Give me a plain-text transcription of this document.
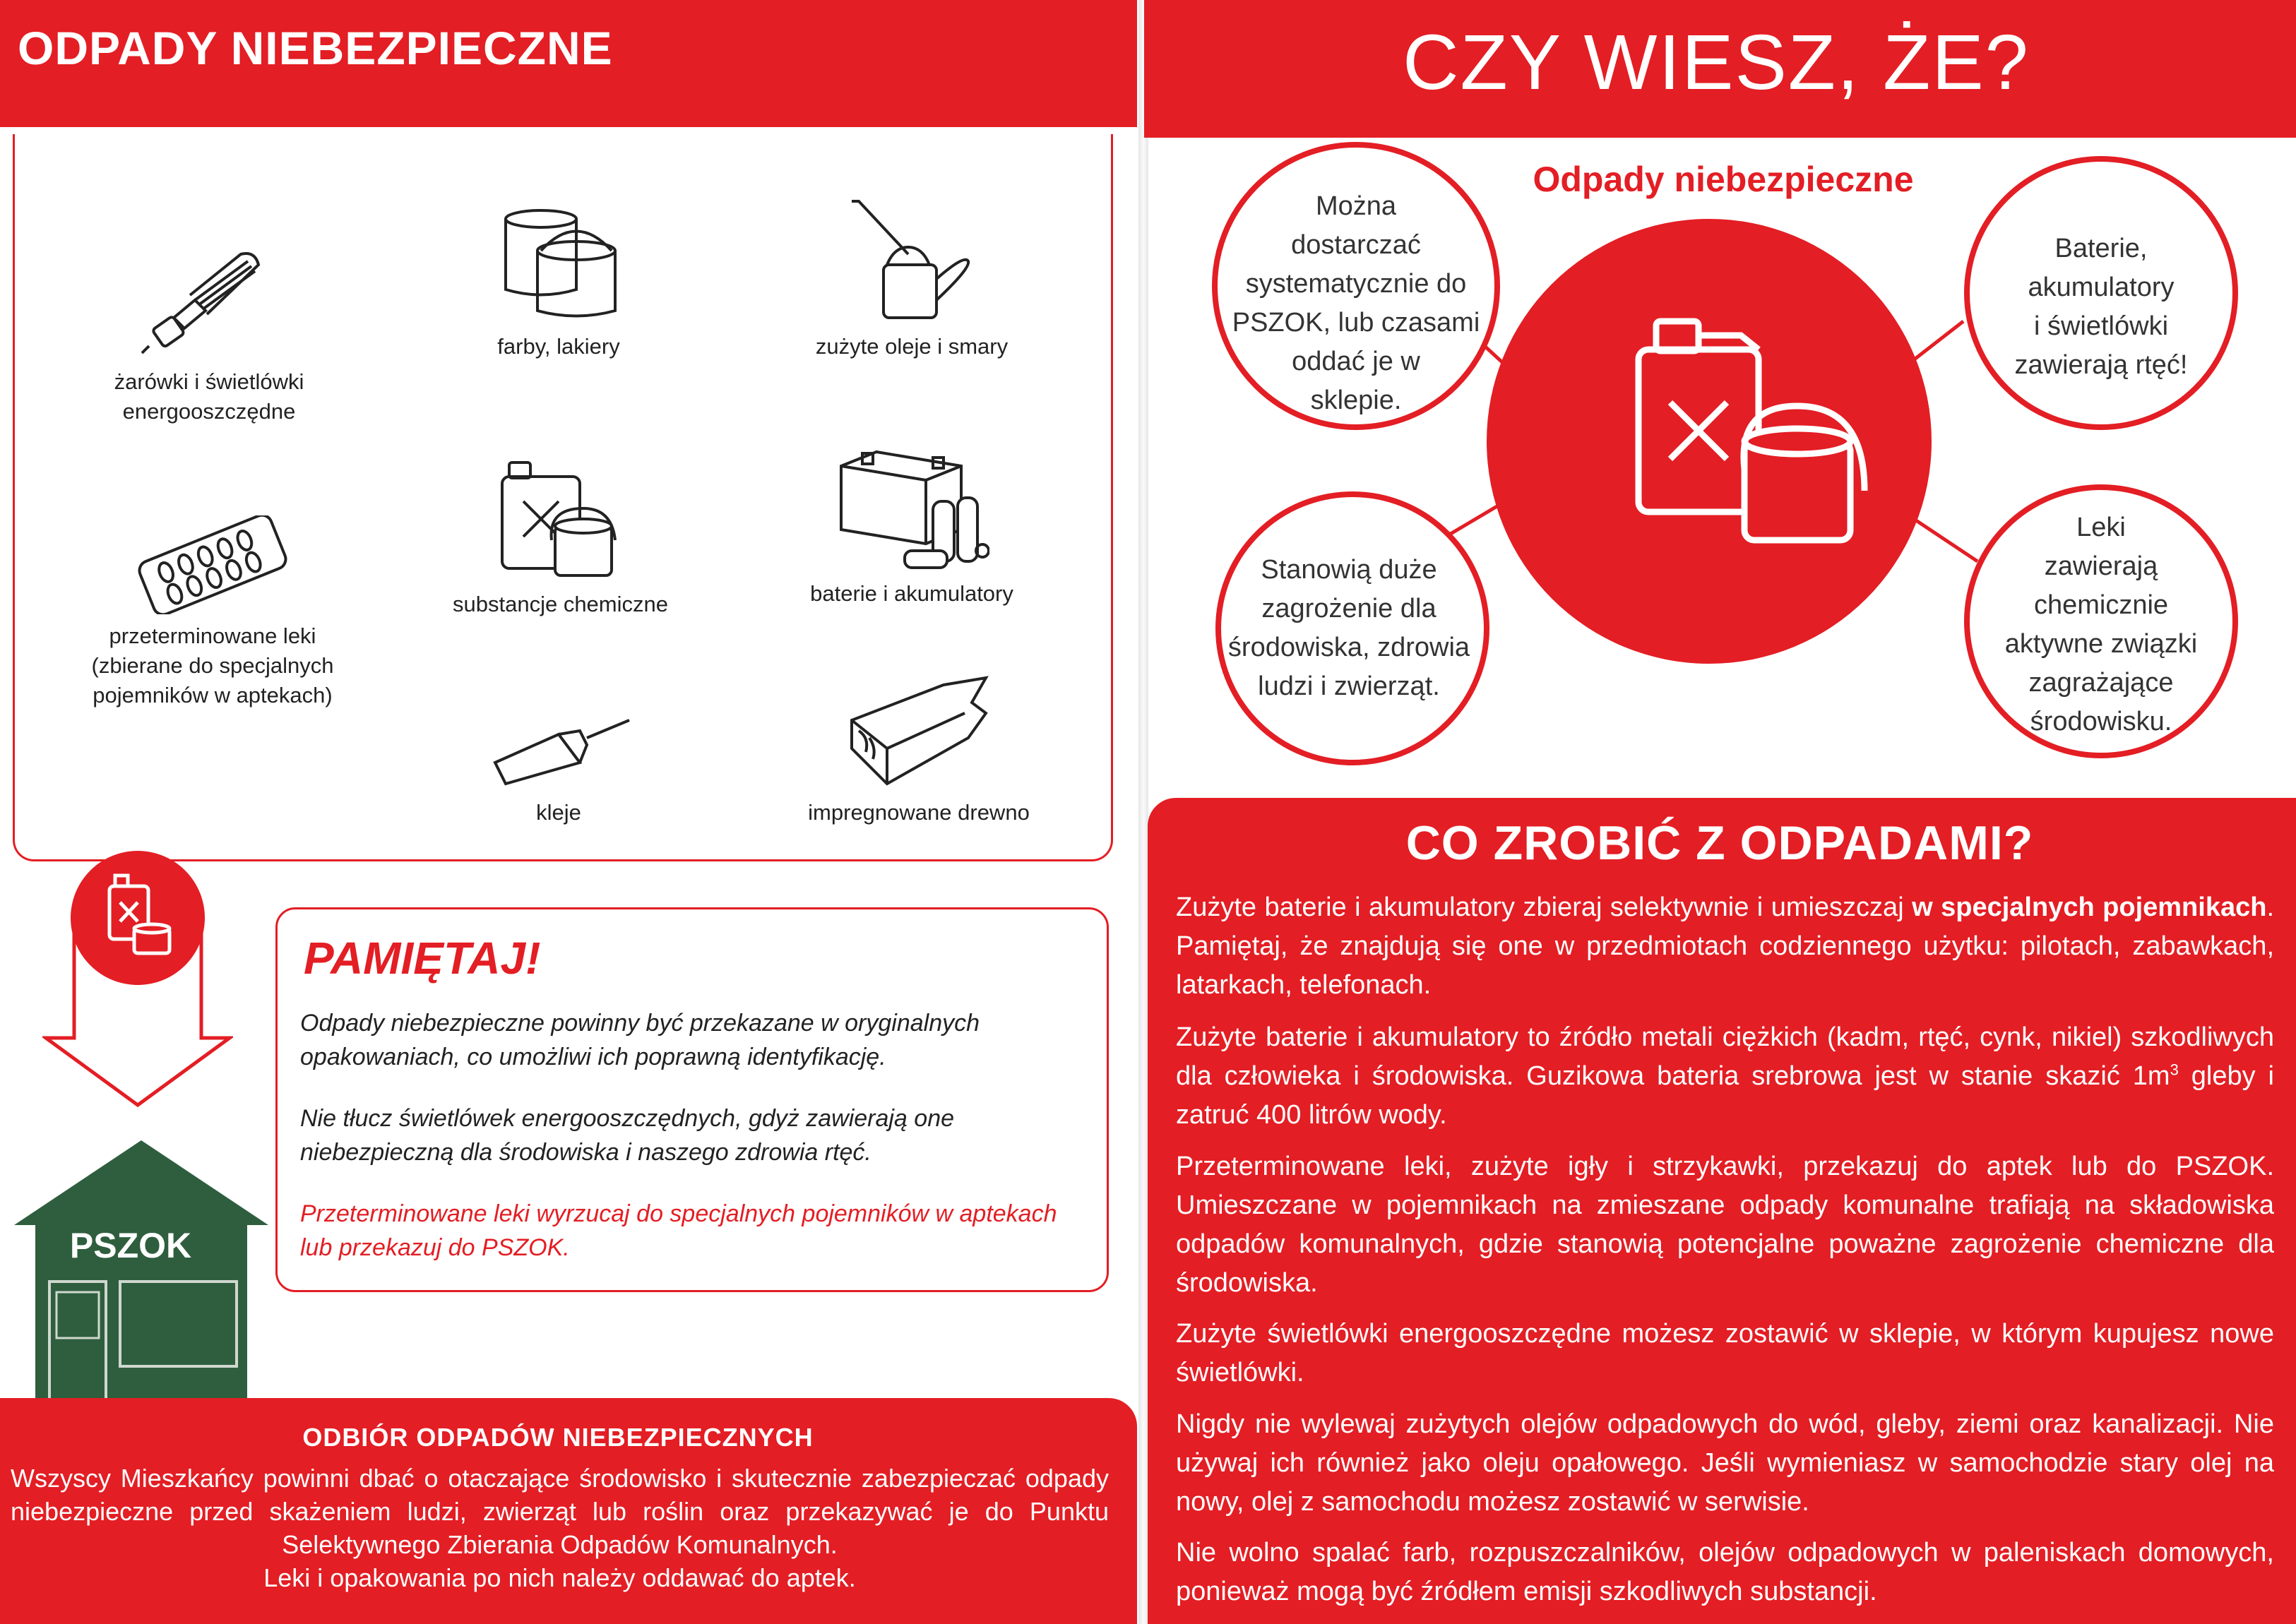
ODPADY NIEBEZPIECZNE
żarówki i świetlówki
energooszczędne
farby, lakiery	zużyte oleje i smary
przeterminowane leki
(zbierane do specjalnych
pojemników w aptekach)
substancje chemiczne	baterie i akumulatory
kleje	impregnowane drewno
PAMIĘTAJ!
Odpady niebezpieczne powinny być przekazane w oryginalnych
opakowaniach, co umożliwi ich poprawną identyfikację.
Nie tłucz świetlówek energooszczędnych, gdyż zawierają one
niebezpieczną dla środowiska i naszego zdrowia rtęć.
Przeterminowane leki wyrzucaj do specjalnych pojemników w aptekach
lub przekazuj do PSZOK.
PSZOK
ODBIÓR ODPADÓW NIEBEZPIECZNYCH
Wszyscy Mieszkańcy powinni dbać o otaczające środowisko i skutecznie zabezpieczać odpady niebezpieczne przed skażeniem ludzi, zwierząt lub roślin oraz przekazywać je do Punktu Selektywnego Zbierania Odpadów Komunalnych.
Leki i opakowania po nich należy oddawać do aptek.
CZY WIESZ, ŻE?
Odpady niebezpieczne
Można
dostarczać
systematycznie do
PSZOK, lub czasami
oddać je w
sklepie.
Baterie,
akumulatory
i świetlówki
zawierają rtęć!
Stanowią duże
zagrożenie dla
środowiska, zdrowia
ludzi i zwierząt.
Leki
zawierają
chemicznie
aktywne związki
zagrażające
środowisku.
CO ZROBIĆ Z ODPADAMI?
Zużyte baterie i akumulatory zbieraj selektywnie i umieszczaj w specjalnych pojemnikach. Pamiętaj, że znajdują się one w przedmiotach codziennego użytku: pilotach, zabawkach, latarkach, telefonach.
Zużyte baterie i akumulatory to źródło metali ciężkich (kadm, rtęć, cynk, nikiel) szkodliwych dla człowieka i środowiska. Guzikowa bateria srebrowa jest w stanie skazić $1m^3$ gleby i zatruć 400 litrów wody.
Przeterminowane leki, zużyte igły i strzykawki, przekazuj do aptek lub do PSZOK. Umieszczane w pojemnikach na zmieszane odpady komunalne trafiają na składowiska odpadów komunalnych, gdzie stanowią potencjalne poważne zagrożenie chemiczne dla środowiska.
Zużyte świetlówki energooszczędne możesz zostawić w sklepie, w którym kupujesz nowe świetlówki.
Nigdy nie wylewaj zużytych olejów odpadowych do wód, gleby, ziemi oraz kanalizacji. Nie używaj ich również jako oleju opałowego. Jeśli wymieniasz w samochodzie stary olej na nowy, olej z samochodu możesz zostawić w serwisie.
Nie wolno spalać farb, rozpuszczalników, olejów odpadowych w paleniskach domowych, ponieważ mogą być źródłem emisji szkodliwych substancji.
